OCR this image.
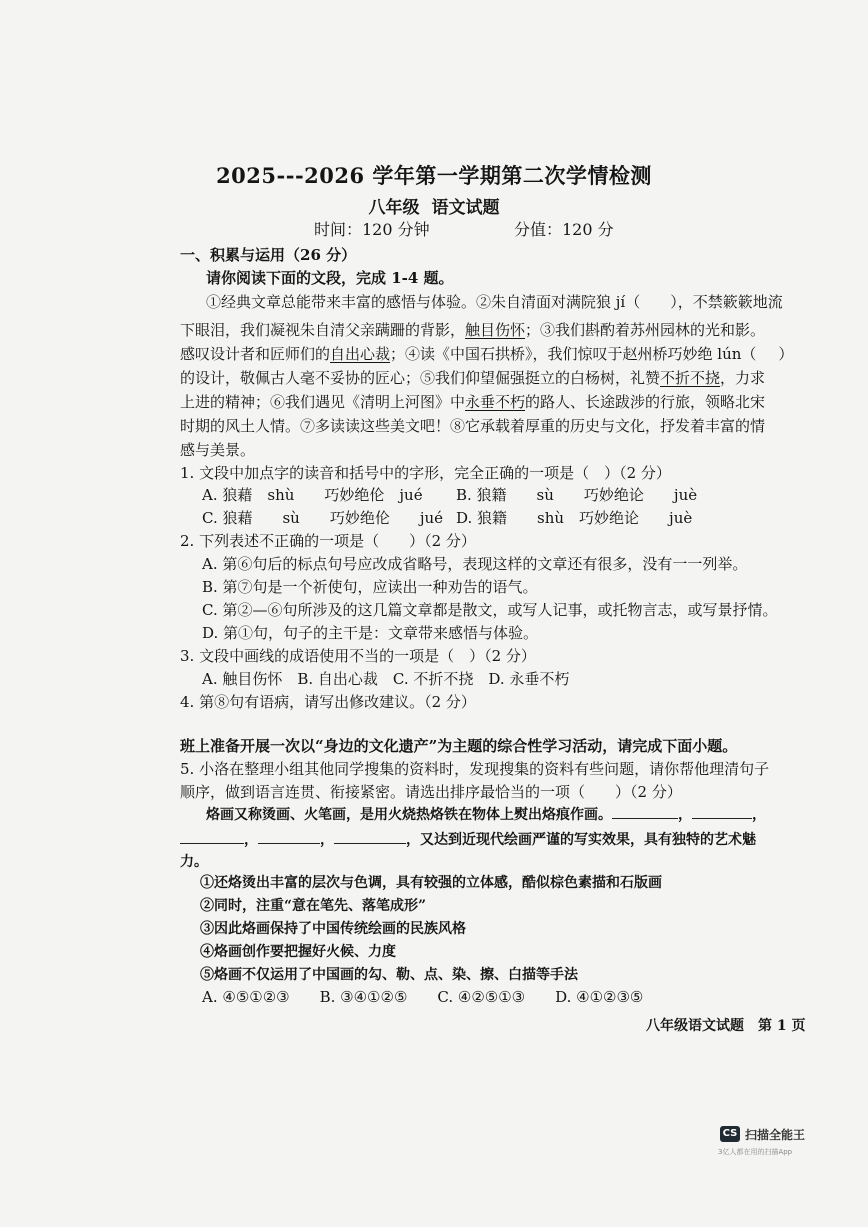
2025---2026 学年第一学期第二次学情检测
八年级 语文试题
时间：120 分钟	分值：120 分
一、积累与运用（26 分）
请你阅读下面的文段，完成 1-4 题。
①经典文章总能带来丰富的感悟与体验。②朱自清面对满院狼 jí（ ），不禁簌簌地流
下眼泪，我们凝视朱自清父亲蹒跚的背影，触目伤怀；③我们斟酌着苏州园林的光和影。
感叹设计者和匠师们的自出心裁；④读《中国石拱桥》，我们惊叹于赵州桥巧妙绝 lún（ ）
的设计，敬佩古人毫不妥协的匠心；⑤我们仰望倔强挺立的白杨树，礼赞不折不挠，力求
上进的精神；⑥我们遇见《清明上河图》中永垂不朽的路人、长途跋涉的行旅，领略北宋
时期的风土人情。⑦多读读这些美文吧！⑧它承载着厚重的历史与文化，抒发着丰富的情
感与美景。
1. 文段中加点字的读音和括号中的字形，完全正确的一项是（　）（2 分）
A. 狼藉　shù　　巧妙绝伦　jué B. 狼籍　　sù　　巧妙绝论　　juè
C. 狼藉　　sù　　巧妙绝伦　　jué D. 狼籍　　shù　巧妙绝论　　juè
2. 下列表述不正确的一项是（　　）（2 分）
A. 第⑥句后的标点句号应改成省略号，表现这样的文章还有很多，没有一一列举。
B. 第⑦句是一个祈使句，应读出一种劝告的语气。
C. 第②—⑥句所涉及的这几篇文章都是散文，或写人记事，或托物言志，或写景抒情。
D. 第①句，句子的主干是：文章带来感悟与体验。
3. 文段中画线的成语使用不当的一项是（　）（2 分）
A. 触目伤怀　B. 自出心裁　C. 不折不挠　D. 永垂不朽
4. 第⑧句有语病，请写出修改建议。（2 分）
班上准备开展一次以“身边的文化遗产”为主题的综合性学习活动，请完成下面小题。
5. 小洛在整理小组其他同学搜集的资料时，发现搜集的资料有些问题，请你帮他理清句子
顺序，做到语言连贯、衔接紧密。请选出排序最恰当的一项（　　）（2 分）
烙画又称烫画、火笔画，是用火烧热烙铁在物体上熨出烙痕作画。	，	，
，	，	，又达到近现代绘画严谨的写实效果，具有独特的艺术魅
力。
①还烙烫出丰富的层次与色调，具有较强的立体感，酷似棕色素描和石版画
②同时，注重“意在笔先、落笔成形”
③因此烙画保持了中国传统绘画的民族风格
④烙画创作要把握好火候、力度
⑤烙画不仅运用了中国画的勾、勒、点、染、擦、白描等手法
A. ④⑤①②③　　B. ③④①②⑤　　C. ④②⑤①③　　D. ④①②③⑤
八年级语文试题　第 1 页
CS 扫描全能王
3亿人都在用的扫描App
